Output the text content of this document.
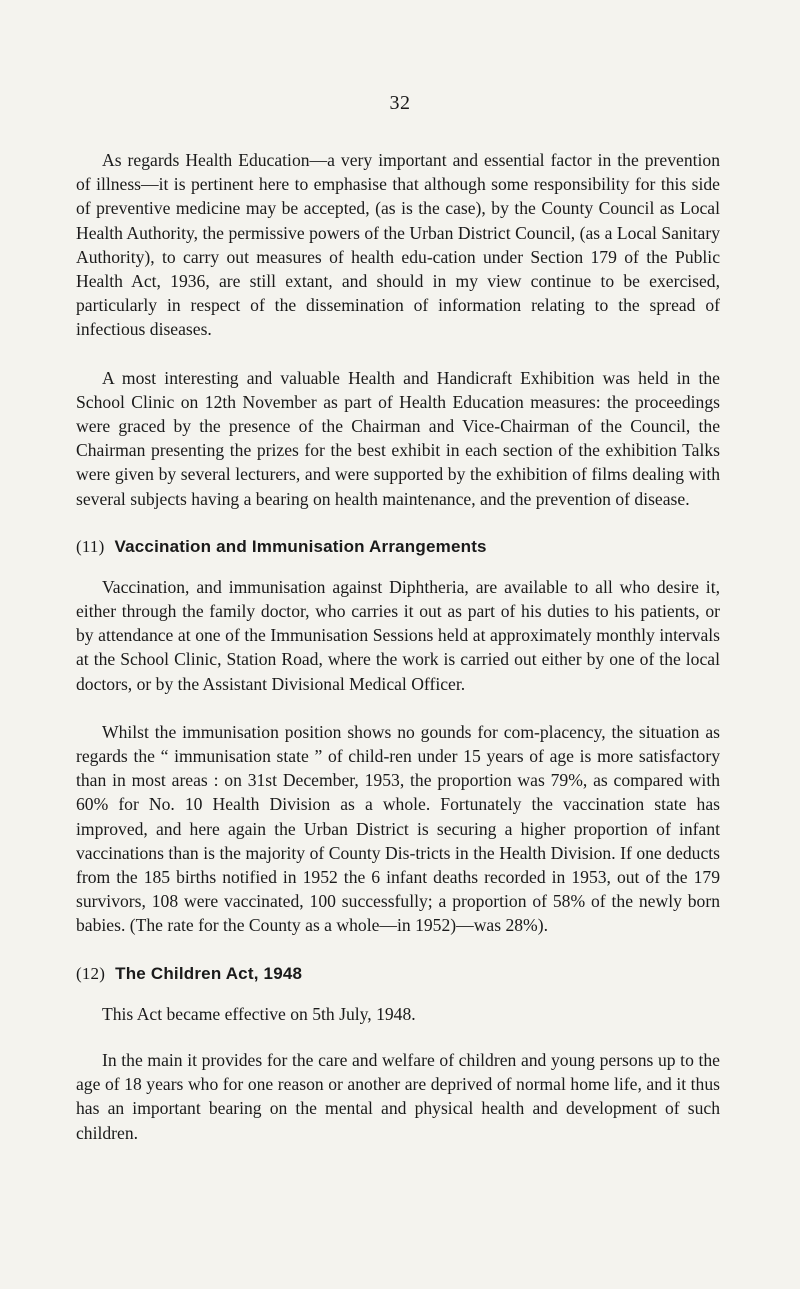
32

As regards Health Education—a very important and essential factor in the prevention of illness—it is pertinent here to emphasise that although some responsibility for this side of preventive medicine may be accepted, (as is the case), by the County Council as Local Health Authority, the permissive powers of the Urban District Council, (as a Local Sanitary Authority), to carry out measures of health edu-cation under Section 179 of the Public Health Act, 1936, are still extant, and should in my view continue to be exercised, particularly in respect of the dissemination of information relating to the spread of infectious diseases.

A most interesting and valuable Health and Handicraft Exhibition was held in the School Clinic on 12th November as part of Health Education measures: the proceedings were graced by the presence of the Chairman and Vice-Chairman of the Council, the Chairman presenting the prizes for the best exhibit in each section of the exhibition Talks were given by several lecturers, and were supported by the exhibition of films dealing with several subjects having a bearing on health maintenance, and the prevention of disease.

(11) Vaccination and Immunisation Arrangements

Vaccination, and immunisation against Diphtheria, are available to all who desire it, either through the family doctor, who carries it out as part of his duties to his patients, or by attendance at one of the Immunisation Sessions held at approximately monthly intervals at the School Clinic, Station Road, where the work is carried out either by one of the local doctors, or by the Assistant Divisional Medical Officer.

Whilst the immunisation position shows no gounds for com-placency, the situation as regards the “ immunisation state ” of child-ren under 15 years of age is more satisfactory than in most areas : on 31st December, 1953, the proportion was 79%, as compared with 60% for No. 10 Health Division as a whole. Fortunately the vaccination state has improved, and here again the Urban District is securing a higher proportion of infant vaccinations than is the majority of County Dis-tricts in the Health Division. If one deducts from the 185 births notified in 1952 the 6 infant deaths recorded in 1953, out of the 179 survivors, 108 were vaccinated, 100 successfully; a proportion of 58% of the newly born babies. (The rate for the County as a whole—in 1952)—was 28%).

(12) The Children Act, 1948

This Act became effective on 5th July, 1948.

In the main it provides for the care and welfare of children and young persons up to the age of 18 years who for one reason or another are deprived of normal home life, and it thus has an important bearing on the mental and physical health and development of such children.
